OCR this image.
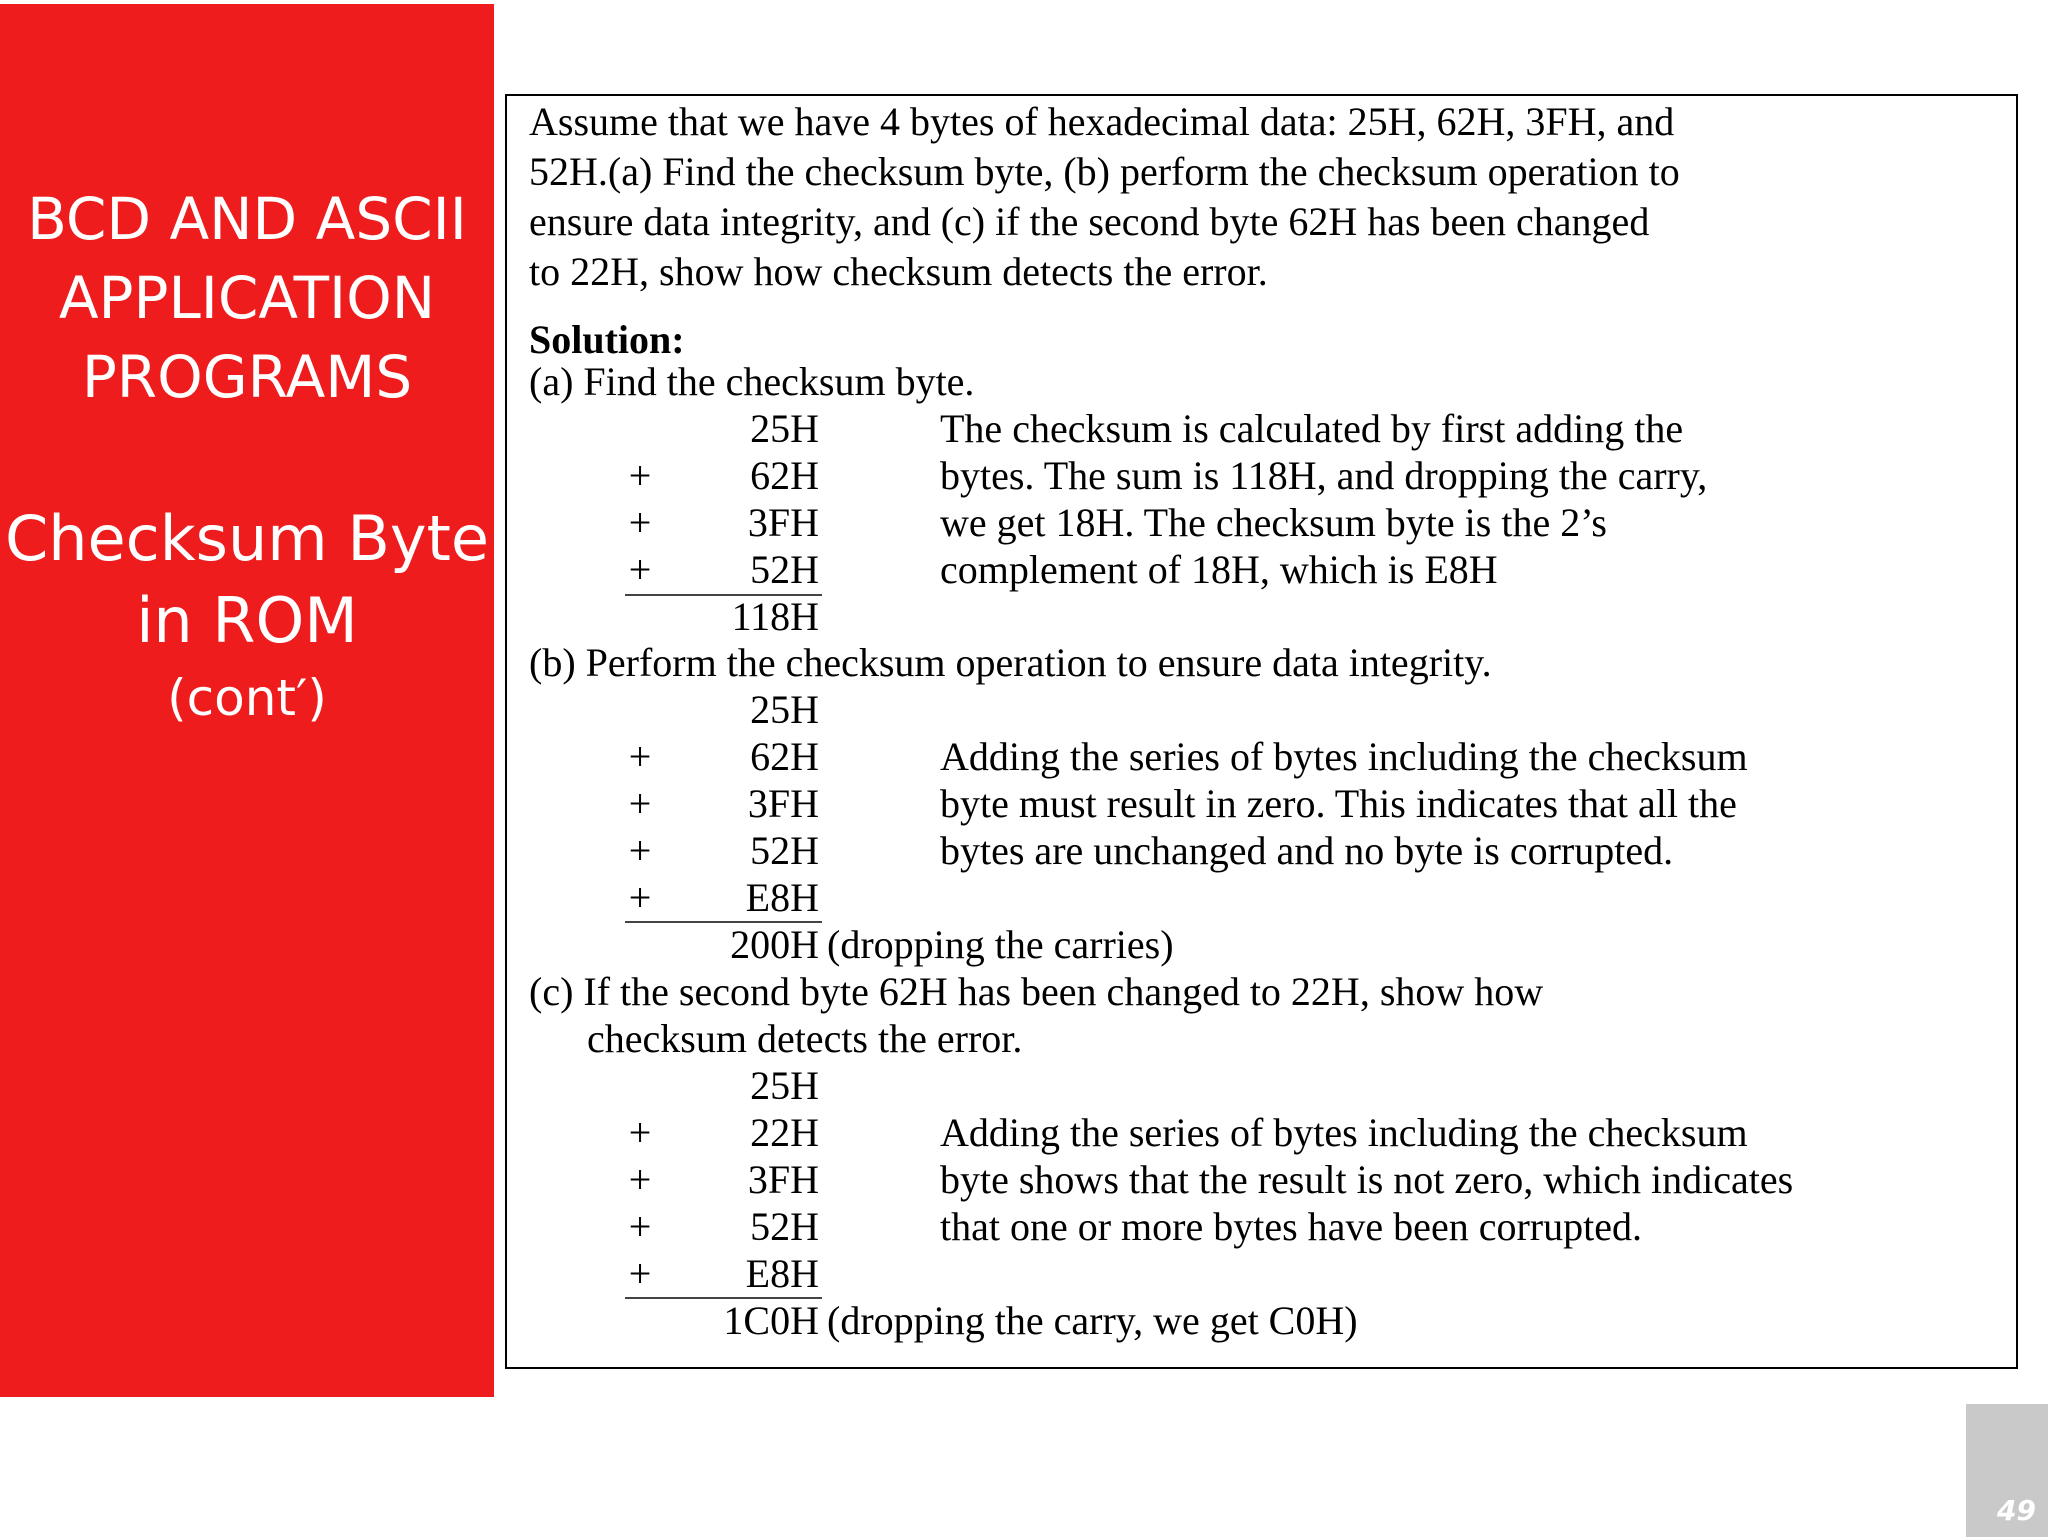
BCD AND ASCII
APPLICATION
PROGRAMS
Checksum Byte
in ROM
(cont′)
Assume that we have 4 bytes of hexadecimal data: 25H, 62H, 3FH, and
52H.(a) Find the checksum byte, (b) perform the checksum operation to
ensure data integrity, and (c) if the second byte 62H has been changed
to 22H, show how checksum detects the error.
Solution:
(a) Find the checksum byte.
25H
+	62H
+	3FH
+	52H
118H
The checksum is calculated by first adding the
bytes. The sum is 118H, and dropping the carry,
we get 18H. The checksum byte is the 2’s
complement of 18H, which is E8H
(b) Perform the checksum operation to ensure data integrity.
25H
+	62H
+	3FH
+	52H
+	E8H
200H (dropping the carries)
Adding the series of bytes including the checksum
byte must result in zero. This indicates that all the
bytes are unchanged and no byte is corrupted.
(c) If the second byte 62H has been changed to 22H, show how
checksum detects the error.
25H
+	22H
+	3FH
+	52H
+	E8H
1C0H (dropping the carry, we get C0H)
Adding the series of bytes including the checksum
byte shows that the result is not zero, which indicates
that one or more bytes have been corrupted.
49
